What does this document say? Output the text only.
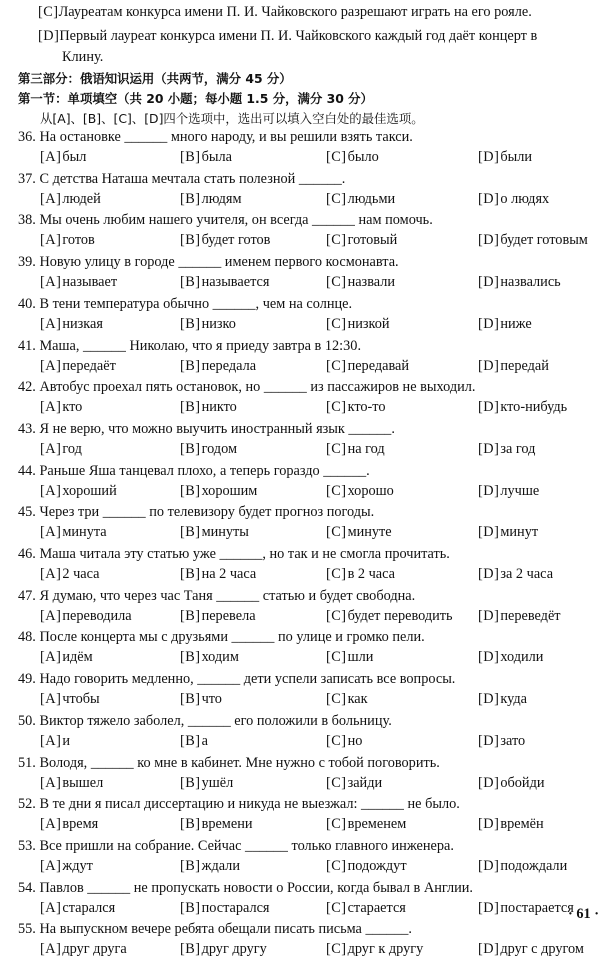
[C]Лауреатам конкурса имени П. И. Чайковского разрешают играть на его рояле.
[D]Первый лауреат конкурса имени П. И. Чайковского каждый год даёт концерт в
Клину.
第三部分：俄语知识运用（共两节，满分 45 分）
第一节：单项填空（共 20 小题；每小题 1.5 分，满分 30 分）
从[A]、[B]、[C]、[D]四个选项中，选出可以填入空白处的最佳选项。
36. На остановке ______ много народу, и вы решили взять такси.
[A]был	[B]была	[C]было	[D]были
37. С детства Наташа мечтала стать полезной ______.
[A]людей	[B]людям	[C]людьми	[D]о людях
38. Мы очень любим нашего учителя, он всегда ______ нам помочь.
[A]готов	[B]будет готов	[C]готовый	[D]будет готовым
39. Новую улицу в городе ______ именем первого космонавта.
[A]называет	[B]называется	[C]назвали	[D]назвались
40. В тени температура обычно ______, чем на солнце.
[A]низкая	[B]низко	[C]низкой	[D]ниже
41. Маша, ______ Николаю, что я приеду завтра в 12:30.
[A]передаёт	[B]передала	[C]передавай	[D]передай
42. Автобус проехал пять остановок, но ______ из пассажиров не выходил.
[A]кто	[B]никто	[C]кто-то	[D]кто-нибудь
43. Я не верю, что можно выучить иностранный язык ______.
[A]год	[B]годом	[C]на год	[D]за год
44. Раньше Яша танцевал плохо, а теперь гораздо ______.
[A]хороший	[B]хорошим	[C]хорошо	[D]лучше
45. Через три ______ по телевизору будет прогноз погоды.
[A]минута	[B]минуты	[C]минуте	[D]минут
46. Маша читала эту статью уже ______, но так и не смогла прочитать.
[A]2 часа	[B]на 2 часа	[C]в 2 часа	[D]за 2 часа
47. Я думаю, что через час Таня ______ статью и будет свободна.
[A]переводила	[B]перевела	[C]будет переводить [D]переведёт
48. После концерта мы с друзьями ______ по улице и громко пели.
[A]идём	[B]ходим	[C]шли	[D]ходили
49. Надо говорить медленно, ______ дети успели записать все вопросы.
[A]чтобы	[B]что	[C]как	[D]куда
50. Виктор тяжело заболел, ______ его положили в больницу.
[A]и	[B]а	[C]но	[D]зато
51. Володя, ______ ко мне в кабинет. Мне нужно с тобой поговорить.
[A]вышел	[B]ушёл	[C]зайди	[D]обойди
52. В те дни я писал диссертацию и никуда не выезжал: ______ не было.
[A]время	[B]времени	[C]временем	[D]времён
53. Все пришли на собрание. Сейчас ______ только главного инженера.
[A]ждут	[B]ждали	[C]подождут	[D]подождали
54. Павлов ______ не пропускать новости о России, когда бывал в Англии.
[A]старался	[B]постарался	[C]старается	[D]постарается
55. На выпускном вечере ребята обещали писать письма ______.
[A]друг друга	[B]друг другу	[C]друг к другу	[D]друг с другом
· 61 ·
